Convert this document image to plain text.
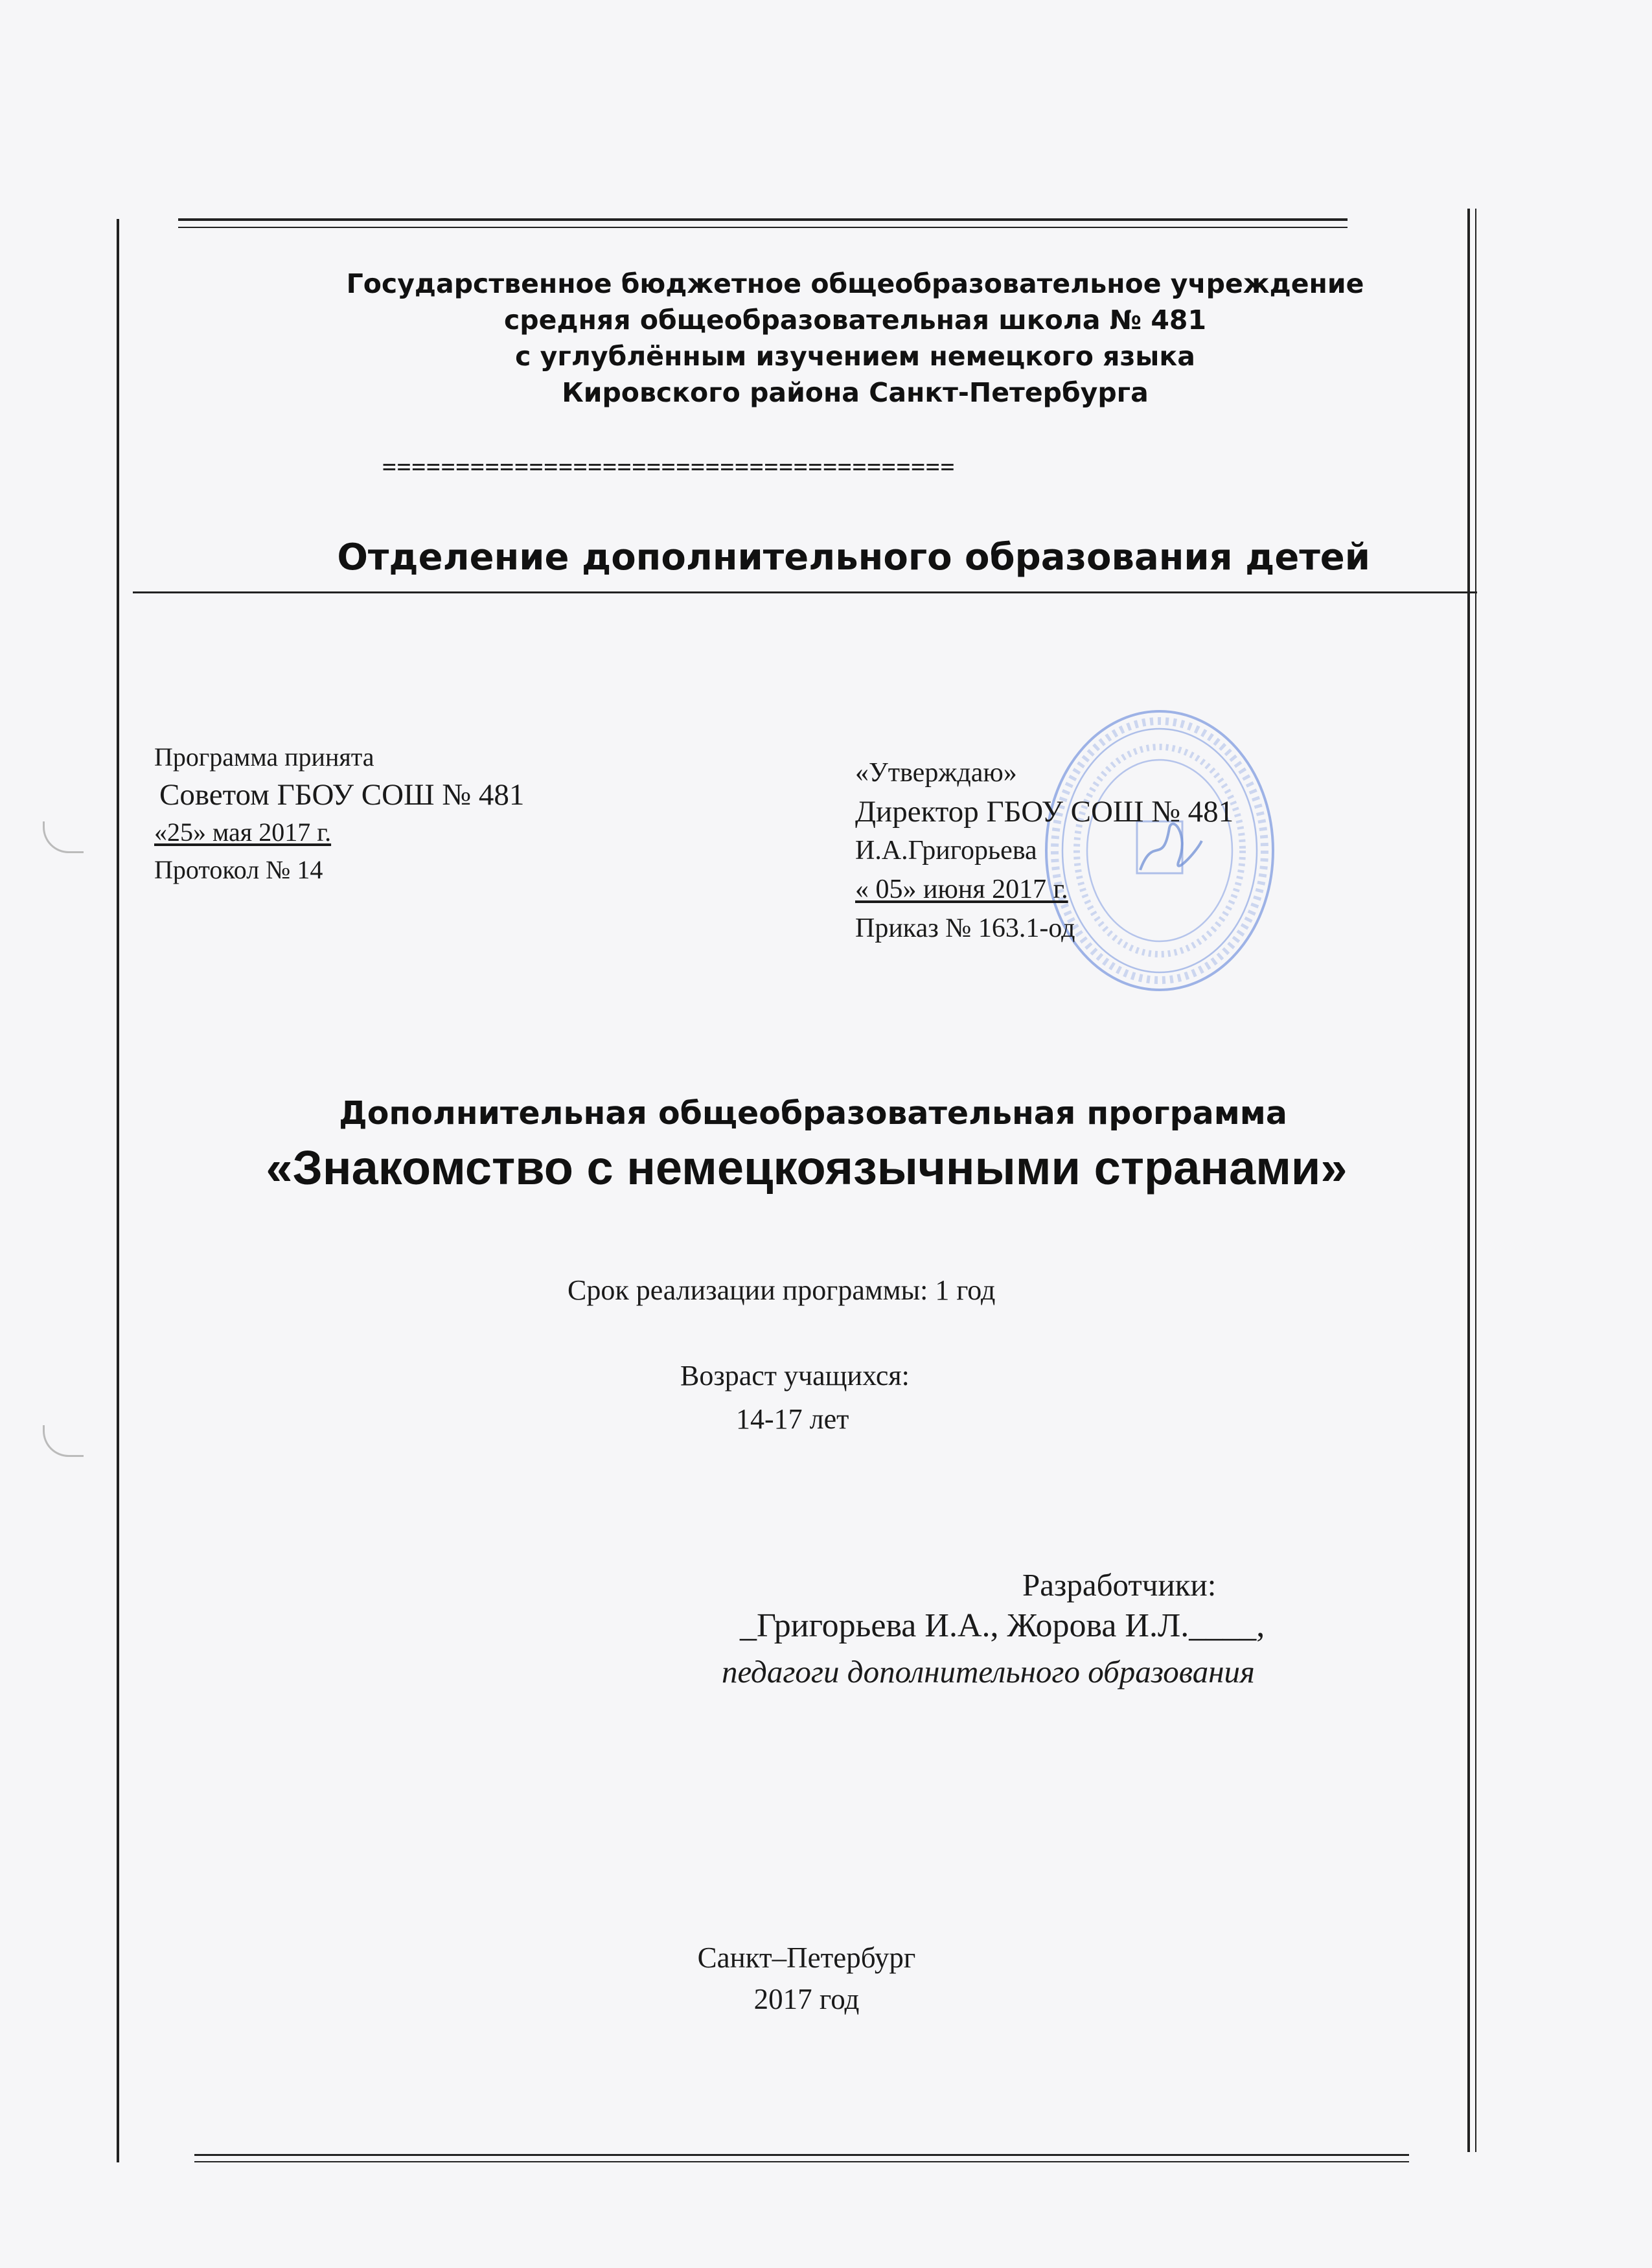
Государственное бюджетное общеобразовательное учреждение
средняя общеобразовательная школа № 481
с углублённым изучением немецкого языка
Кировского района Санкт-Петербурга
=======================================
Отделение дополнительного образования детей
Программа принята
Советом ГБОУ СОШ № 481
«25» мая 2017 г.
Протокол № 14
«Утверждаю»
Директор ГБОУ СОШ № 481
И.А.Григорьева
« 05» июня 2017 г.
Приказ № 163.1-од
Дополнительная общеобразовательная программа
«Знакомство с немецкоязычными странами»
Срок реализации программы: 1 год
Возраст учащихся:
14-17 лет
Разработчики:
_Григорьева И.А., Жорова И.Л.____,
педагоги дополнительного образования
Санкт–Петербург
2017 год
